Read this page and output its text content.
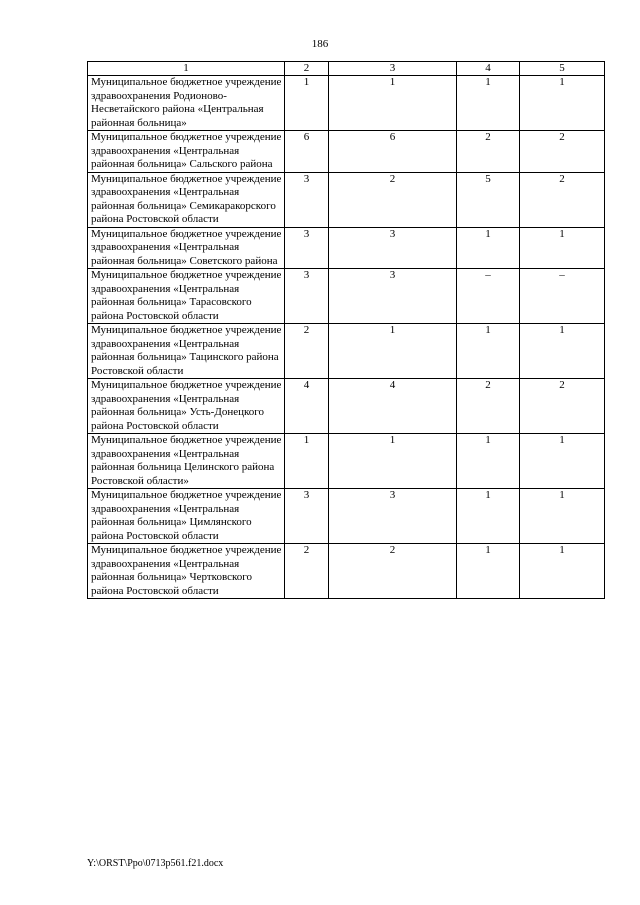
186
1	2	3	4	5
Муниципальное бюджетное учреждение здравоохранения Родионово-Несветайского района «Центральная районная больница»	1	1	1	1
Муниципальное бюджетное учреждение здравоохранения «Центральная районная больница» Сальского района	6	6	2	2
Муниципальное бюджетное учреждение здравоохранения «Центральная районная больница» Семикаракорского района Ростовской области	3	2	5	2
Муниципальное бюджетное учреждение здравоохранения «Центральная районная больница» Советского района	3	3	1	1
Муниципальное бюджетное учреждение здравоохранения «Центральная районная больница» Тарасовского района Ростовской области	3	3	–	–
Муниципальное бюджетное учреждение здравоохранения «Центральная районная больница» Тацинского района Ростовской области	2	1	1	1
Муниципальное бюджетное учреждение здравоохранения «Центральная районная больница» Усть-Донецкого района Ростовской области	4	4	2	2
Муниципальное бюджетное учреждение здравоохранения «Центральная районная больница Целинского района Ростовской области»	1	1	1	1
Муниципальное бюджетное учреждение здравоохранения «Центральная районная больница» Цимлянского района Ростовской области	3	3	1	1
Муниципальное бюджетное учреждение здравоохранения «Центральная районная больница» Чертковского района Ростовской области	2	2	1	1
Y:\ORST\Ppo\0713p561.f21.docx
